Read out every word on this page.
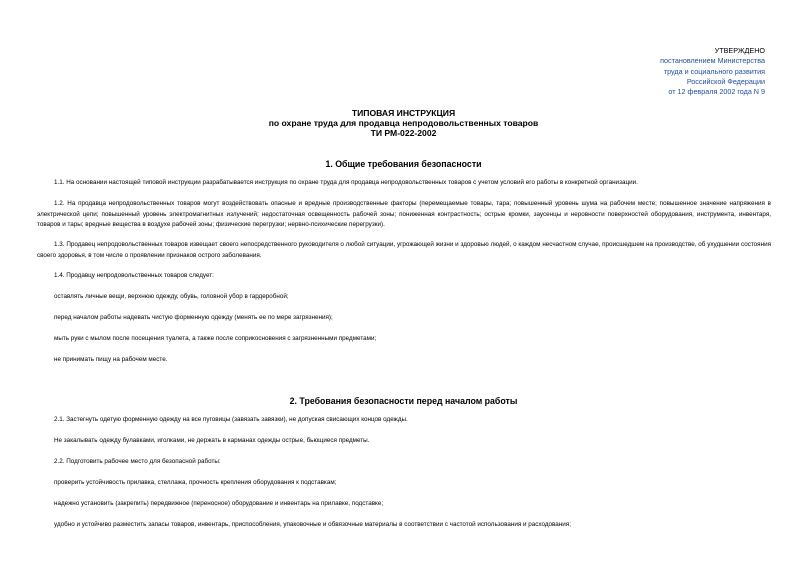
УТВЕРЖДЕНО
постановлением Министерства
труда и социального развития
Российской Федерации
от 12 февраля 2002 года N 9
ТИПОВАЯ ИНСТРУКЦИЯ
по охране труда для продавца непродовольственных товаров
ТИ РМ-022-2002
1. Общие требования безопасности
1.1. На основании настоящей типовой инструкции разрабатывается инструкция по охране труда для продавца непродовольственных товаров с учетом условий его работы в конкретной организации.
1.2. На продавца непродовольственных товаров могут воздействовать опасные и вредные производственные факторы (перемещаемые товары, тара; повышенный уровень шума на рабочем месте; повышенное значение напряжения в электрической цепи; повышенный уровень электромагнитных излучений; недостаточная освещенность рабочей зоны; пониженная контрастность; острые кромки, заусенцы и неровности поверхностей оборудования, инструмента, инвентаря, товаров и тары; вредные вещества в воздухе рабочей зоны; физические перегрузки; нервно-психические перегрузки).
1.3. Продавец непродовольственных товаров извещает своего непосредственного руководителя о любой ситуации, угрожающей жизни и здоровью людей, о каждом несчастном случае, происшедшем на производстве, об ухудшении состояния своего здоровья, в том числе о проявлении признаков острого заболевания.
1.4. Продавцу непродовольственных товаров следует:
оставлять личные вещи, верхнюю одежду, обувь, головной убор в гардеробной;
перед началом работы надевать чистую форменную одежду (менять ее по мере загрязнения);
мыть руки с мылом после посещения туалета, а также после соприкосновения с загрязненными предметами;
не принимать пищу на рабочем месте.
2. Требования безопасности перед началом работы
2.1. Застегнуть одетую форменную одежду на все пуговицы (завязать завязки), не допуская свисающих концов одежды.
Не закалывать одежду булавками, иголками, не держать в карманах одежды острые, бьющиеся предметы.
2.2. Подготовить рабочее место для безопасной работы:
проверить устойчивость прилавка, стеллажа, прочность крепления оборудования к подставкам;
надежно установить (закрепить) передвижное (переносное) оборудование и инвентарь на прилавке, подставке;
удобно и устойчиво разместить запасы товаров, инвентарь, приспособления, упаковочные и обвязочные материалы в соответствии с частотой использования и расходования;
